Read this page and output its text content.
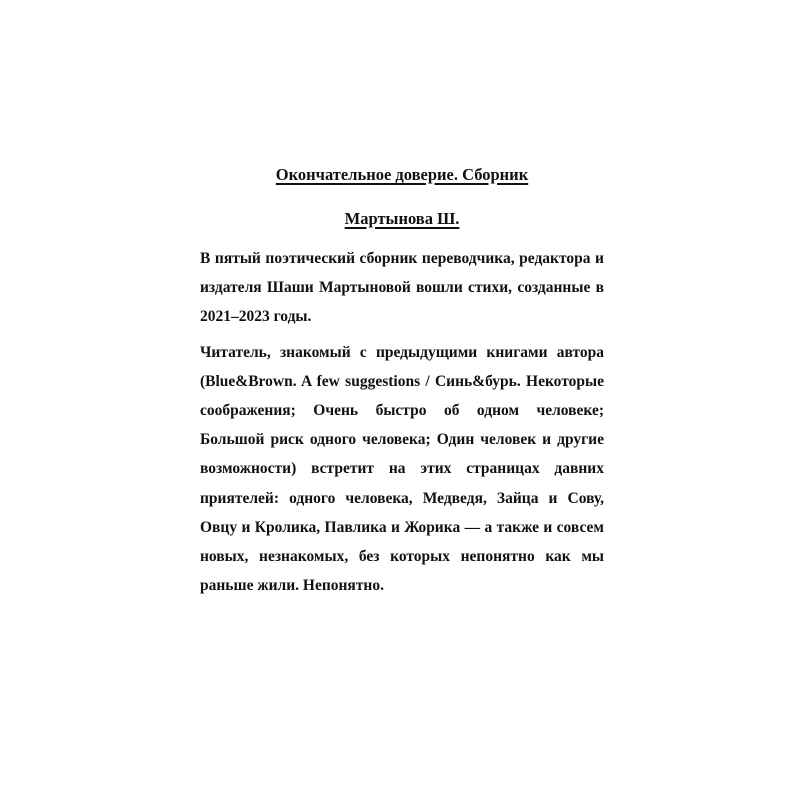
Окончательное доверие. Сборник
Мартынова Ш.

В пятый поэтический сборник переводчика, редактора и издателя Шаши Мартыновой вошли стихи, созданные в 2021–2023 годы.

Читатель, знакомый с предыдущими книгами автора (Blue&Brown. A few suggestions / Синь&бурь. Некоторые соображения; Очень быстро об одном человеке; Большой риск одного человека; Один человек и другие возможности) встретит на этих страницах давних приятелей: одного человека, Медведя, Зайца и Сову, Овцу и Кролика, Павлика и Жорика — а также и совсем новых, незнакомых, без которых непонятно как мы раньше жили. Непонятно.
